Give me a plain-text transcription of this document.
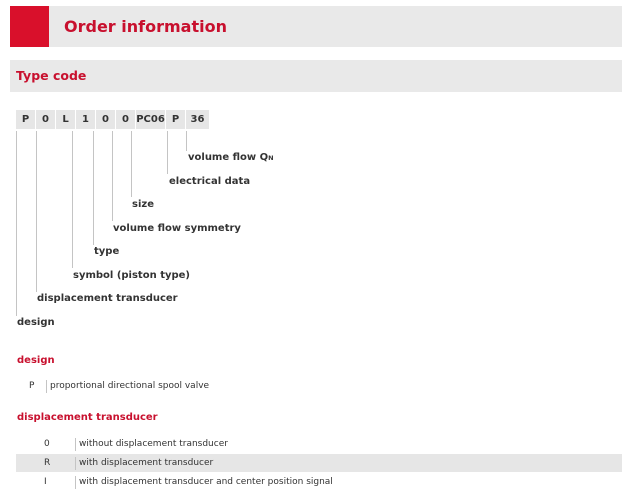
Order information
Type code
P	0	L	1	0	0 PC06 P	36
volume flow QN
electrical data
size
volume flow symmetry
type
symbol (piston type)
displacement transducer
design
design
P proportional directional spool valve
displacement transducer
0	without displacement transducer
R	with displacement transducer
I	with displacement transducer and center position signal
